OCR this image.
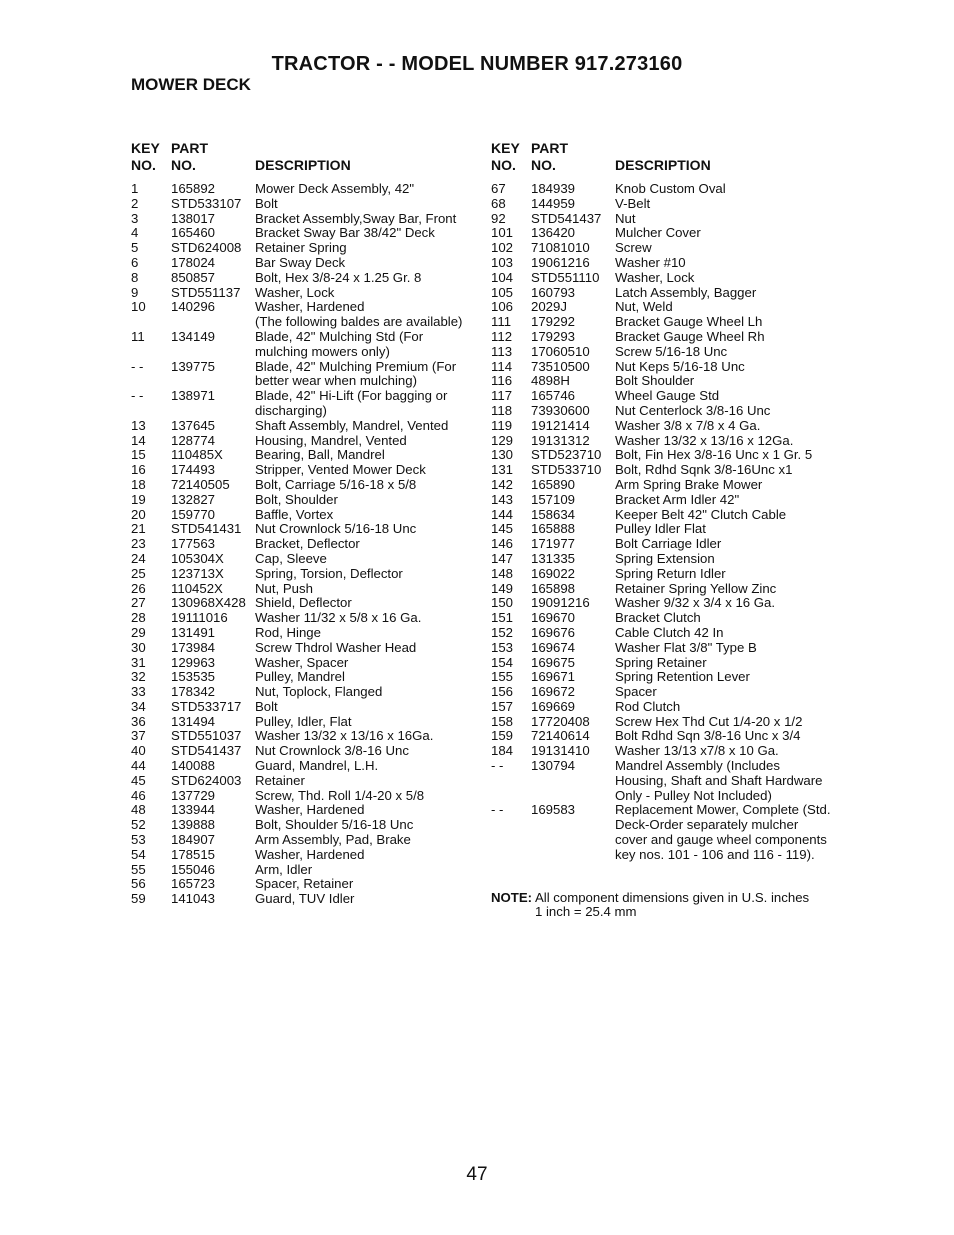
TRACTOR - - MODEL NUMBER 917.273160
MOWER DECK
KEY PART
NO. NO.	DESCRIPTION
1	165892	Mower Deck Assembly, 42"
2	STD533107	Bolt
3	138017	Bracket Assembly,Sway Bar, Front
4	165460	Bracket Sway Bar 38/42" Deck
5	STD624008	Retainer Spring
6	178024	Bar Sway Deck
8	850857	Bolt, Hex 3/8-24 x 1.25 Gr. 8
9	STD551137	Washer, Lock
10	140296	Washer, Hardened
(The following baldes are available)
11	134149	Blade, 42" Mulching Std (For mulching mowers only)
- -	139775	Blade, 42" Mulching Premium (For better wear when mulching)
- -	138971	Blade, 42" Hi-Lift (For bagging or discharging)
13	137645	Shaft Assembly, Mandrel, Vented
14	128774	Housing, Mandrel, Vented
15	110485X	Bearing, Ball, Mandrel
16	174493	Stripper, Vented Mower Deck
18	72140505	Bolt, Carriage 5/16-18 x 5/8
19	132827	Bolt, Shoulder
20	159770	Baffle, Vortex
21	STD541431	Nut Crownlock 5/16-18 Unc
23	177563	Bracket, Deflector
24	105304X	Cap, Sleeve
25	123713X	Spring, Torsion, Deflector
26	110452X	Nut, Push
27	130968X428 Shield, Deflector
28	19111016	Washer 11/32 x 5/8 x 16 Ga.
29	131491	Rod, Hinge
30	173984	Screw Thdrol Washer Head
31	129963	Washer, Spacer
32	153535	Pulley, Mandrel
33	178342	Nut, Toplock, Flanged
34	STD533717	Bolt
36	131494	Pulley, Idler, Flat
37	STD551037	Washer 13/32 x 13/16 x 16Ga.
40	STD541437	Nut Crownlock 3/8-16 Unc
44	140088	Guard, Mandrel, L.H.
45	STD624003	Retainer
46	137729	Screw, Thd. Roll 1/4-20 x 5/8
48	133944	Washer, Hardened
52	139888	Bolt, Shoulder 5/16-18 Unc
53	184907	Arm Assembly, Pad, Brake
54	178515	Washer, Hardened
55	155046	Arm, Idler
56	165723	Spacer, Retainer
59	141043	Guard, TUV Idler
KEY PART
NO. NO.	DESCRIPTION
67	184939	Knob Custom Oval
68	144959	V-Belt
92	STD541437	Nut
101	136420	Mulcher Cover
102	71081010	Screw
103	19061216	Washer #10
104	STD551110	Washer, Lock
105	160793	Latch Assembly, Bagger
106	2029J	Nut, Weld
111	179292	Bracket Gauge Wheel Lh
112	179293	Bracket Gauge Wheel Rh
113	17060510	Screw 5/16-18 Unc
114	73510500	Nut Keps 5/16-18 Unc
116	4898H	Bolt Shoulder
117	165746	Wheel Gauge Std
118	73930600	Nut Centerlock 3/8-16 Unc
119	19121414	Washer 3/8 x 7/8 x 4 Ga.
129	19131312	Washer 13/32 x 13/16 x 12Ga.
130	STD523710	Bolt, Fin Hex 3/8-16 Unc x 1 Gr. 5
131	STD533710	Bolt, Rdhd Sqnk 3/8-16Unc x1
142	165890	Arm Spring Brake Mower
143	157109	Bracket Arm Idler 42"
144	158634	Keeper Belt 42" Clutch Cable
145	165888	Pulley Idler Flat
146	171977	Bolt Carriage Idler
147	131335	Spring Extension
148	169022	Spring Return Idler
149	165898	Retainer Spring Yellow Zinc
150	19091216	Washer 9/32 x 3/4 x 16 Ga.
151	169670	Bracket Clutch
152	169676	Cable Clutch 42 In
153	169674	Washer Flat 3/8" Type B
154	169675	Spring Retainer
155	169671	Spring Retention Lever
156	169672	Spacer
157	169669	Rod Clutch
158	17720408	Screw Hex Thd Cut 1/4-20 x 1/2
159	72140614	Bolt Rdhd Sqn 3/8-16 Unc x 3/4
184	19131410	Washer 13/13 x7/8 x 10 Ga.
- -	130794	Mandrel Assembly (Includes Housing, Shaft and Shaft Hardware Only - Pulley Not Included)
- -	169583	Replacement Mower, Complete (Std. Deck-Order separately mulcher cover and gauge wheel components key nos. 101 - 106 and 116 - 119).
NOTE: All component dimensions given in U.S. inches
1 inch = 25.4 mm
47
